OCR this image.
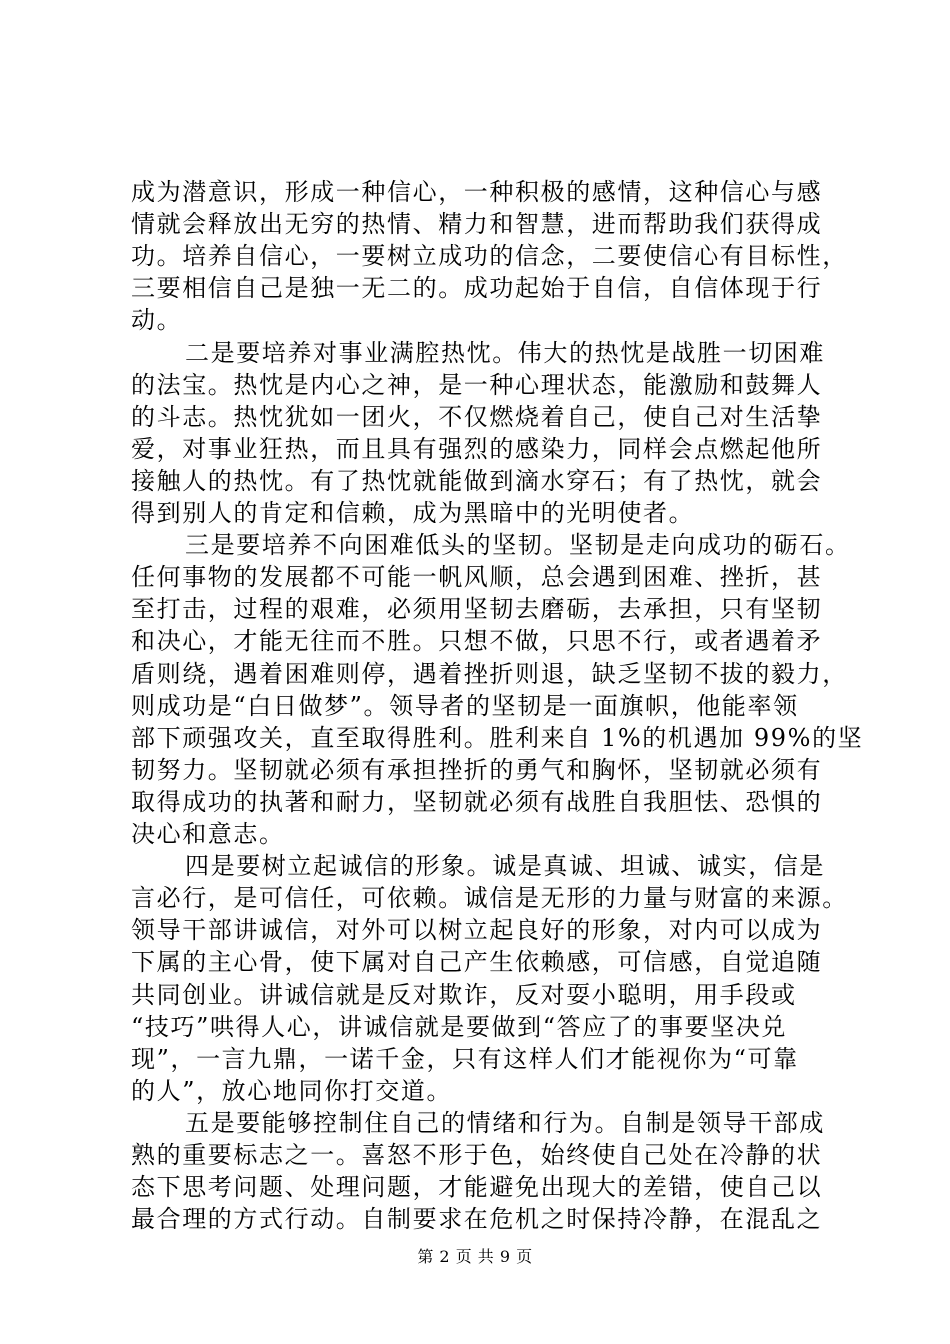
成为潜意识，形成一种信心，一种积极的感情，这种信心与感
情就会释放出无穷的热情、精力和智慧，进而帮助我们获得成
功。培养自信心，一要树立成功的信念，二要使信心有目标性，
三要相信自己是独一无二的。成功起始于自信，自信体现于行
动。
二是要培养对事业满腔热忱。伟大的热忱是战胜一切困难
的法宝。热忱是内心之神，是一种心理状态，能激励和鼓舞人
的斗志。热忱犹如一团火，不仅燃烧着自己，使自己对生活挚
爱，对事业狂热，而且具有强烈的感染力，同样会点燃起他所
接触人的热忱。有了热忱就能做到滴水穿石；有了热忱，就会
得到别人的肯定和信赖，成为黑暗中的光明使者。
三是要培养不向困难低头的坚韧。坚韧是走向成功的砺石。
任何事物的发展都不可能一帆风顺，总会遇到困难、挫折，甚
至打击，过程的艰难，必须用坚韧去磨砺，去承担，只有坚韧
和决心，才能无往而不胜。只想不做，只思不行，或者遇着矛
盾则绕，遇着困难则停，遇着挫折则退，缺乏坚韧不拔的毅力，
则成功是“白日做梦”。领导者的坚韧是一面旗帜，他能率领
部下顽强攻关，直至取得胜利。胜利来自 1%的机遇加 99%的坚
韧努力。坚韧就必须有承担挫折的勇气和胸怀，坚韧就必须有
取得成功的执著和耐力，坚韧就必须有战胜自我胆怯、恐惧的
决心和意志。
四是要树立起诚信的形象。诚是真诚、坦诚、诚实，信是
言必行，是可信任，可依赖。诚信是无形的力量与财富的来源。
领导干部讲诚信，对外可以树立起良好的形象，对内可以成为
下属的主心骨，使下属对自己产生依赖感，可信感，自觉追随
共同创业。讲诚信就是反对欺诈，反对耍小聪明，用手段或
“技巧”哄得人心，讲诚信就是要做到“答应了的事要坚决兑
现”，一言九鼎，一诺千金，只有这样人们才能视你为“可靠
的人”，放心地同你打交道。
五是要能够控制住自己的情绪和行为。自制是领导干部成
熟的重要标志之一。喜怒不形于色，始终使自己处在冷静的状
态下思考问题、处理问题，才能避免出现大的差错，使自己以
最合理的方式行动。自制要求在危机之时保持冷静，在混乱之
第 2 页 共 9 页
